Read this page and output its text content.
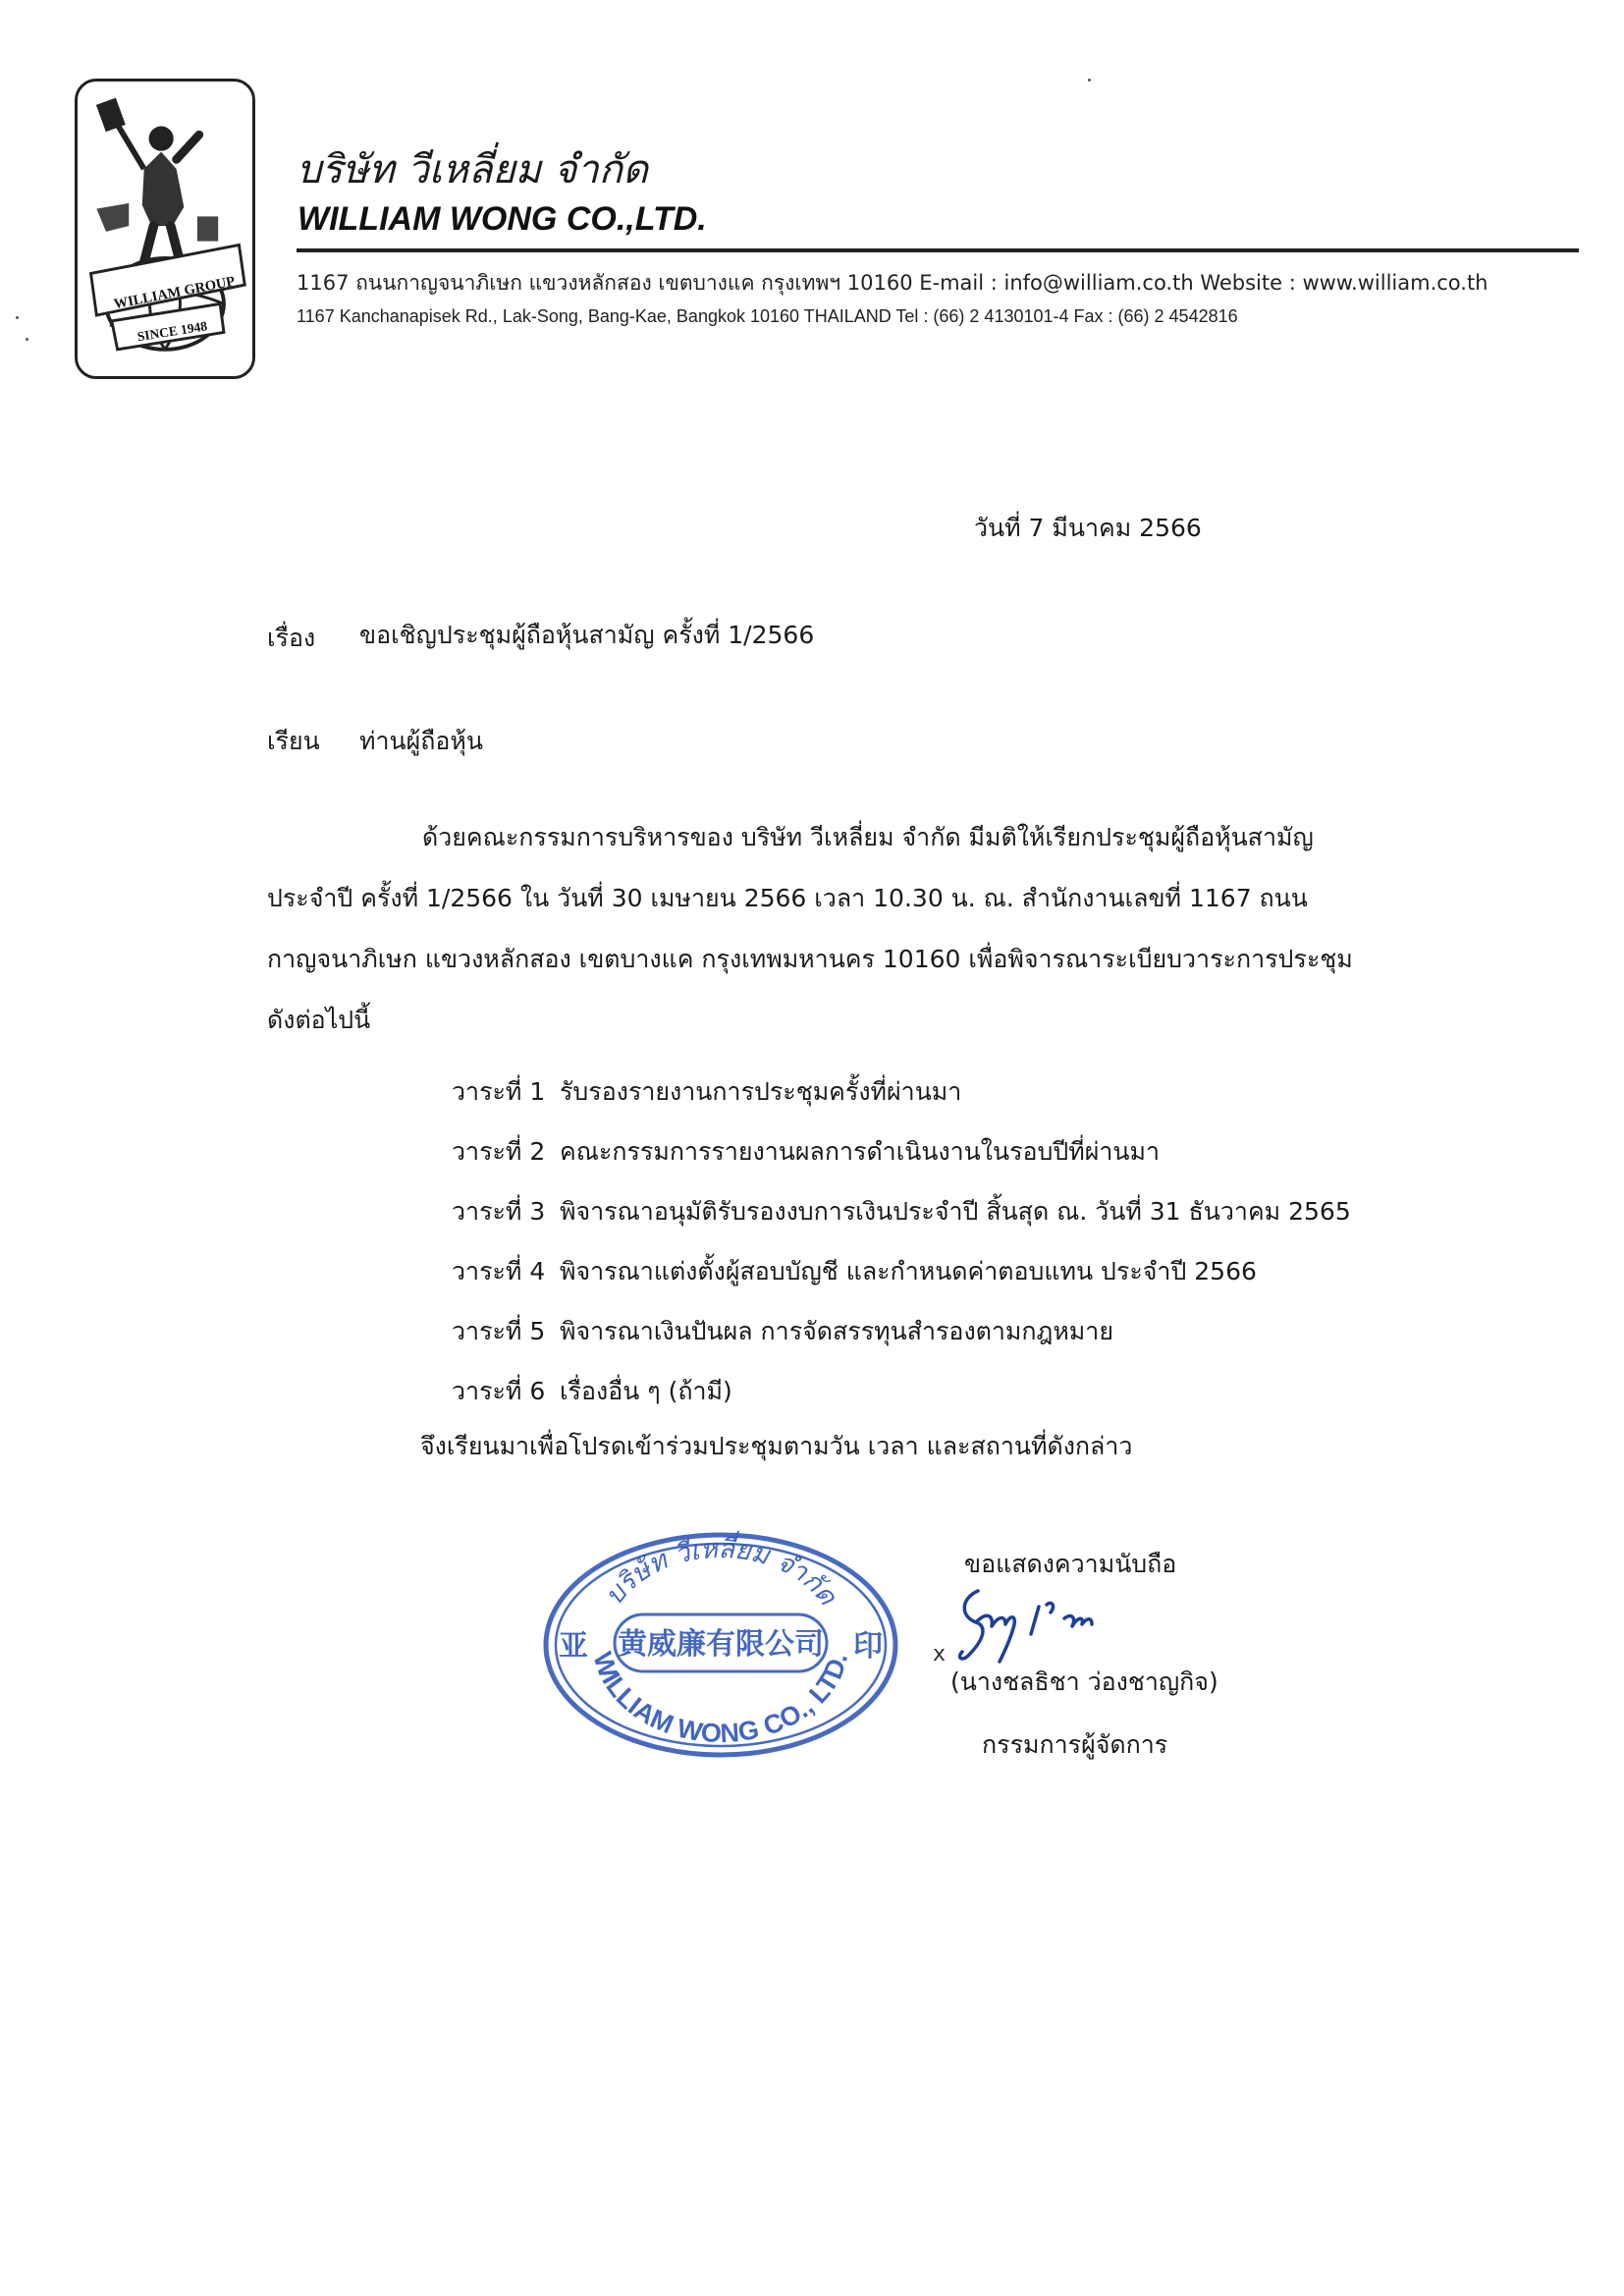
WILLIAM GROUP
SINCE 1948
บริษัท วีเหลี่ยม จำกัด
WILLIAM WONG CO.,LTD.
1167 ถนนกาญจนาภิเษก แขวงหลักสอง เขตบางแค กรุงเทพฯ 10160 E-mail : info@william.co.th Website : www.william.co.th
1167 Kanchanapisek Rd., Lak-Song, Bang-Kae, Bangkok 10160 THAILAND Tel : (66) 2 4130101-4 Fax : (66) 2 4542816
วันที่ 7 มีนาคม 2566
เรื่อง ขอเชิญประชุมผู้ถือหุ้นสามัญ ครั้งที่ 1/2566
เรียน ท่านผู้ถือหุ้น
ด้วยคณะกรรมการบริหารของ บริษัท วีเหลี่ยม จำกัด มีมติให้เรียกประชุมผู้ถือหุ้นสามัญ
ประจำปี ครั้งที่ 1/2566 ใน วันที่ 30 เมษายน 2566 เวลา 10.30 น. ณ. สำนักงานเลขที่ 1167 ถนน
กาญจนาภิเษก แขวงหลักสอง เขตบางแค กรุงเทพมหานคร 10160 เพื่อพิจารณาระเบียบวาระการประชุม
ดังต่อไปนี้
วาระที่ 1 รับรองรายงานการประชุมครั้งที่ผ่านมา
วาระที่ 2 คณะกรรมการรายงานผลการดำเนินงานในรอบปีที่ผ่านมา
วาระที่ 3 พิจารณาอนุมัติรับรองงบการเงินประจำปี สิ้นสุด ณ. วันที่ 31 ธันวาคม 2565
วาระที่ 4 พิจารณาแต่งตั้งผู้สอบบัญชี และกำหนดค่าตอบแทน ประจำปี 2566
วาระที่ 5 พิจารณาเงินปันผล การจัดสรรทุนสำรองตามกฎหมาย
วาระที่ 6 เรื่องอื่น ๆ (ถ้ามี)
จึงเรียนมาเพื่อโปรดเข้าร่วมประชุมตามวัน เวลา และสถานที่ดังกล่าว
บริษัท วีเหลี่ยม จำกัด
黄威廉有限公司
亚	印
WILLIAM WONG CO., LTD.
ขอแสดงความนับถือ
x
(นางชลธิชา ว่องชาญกิจ)
กรรมการผู้จัดการ
